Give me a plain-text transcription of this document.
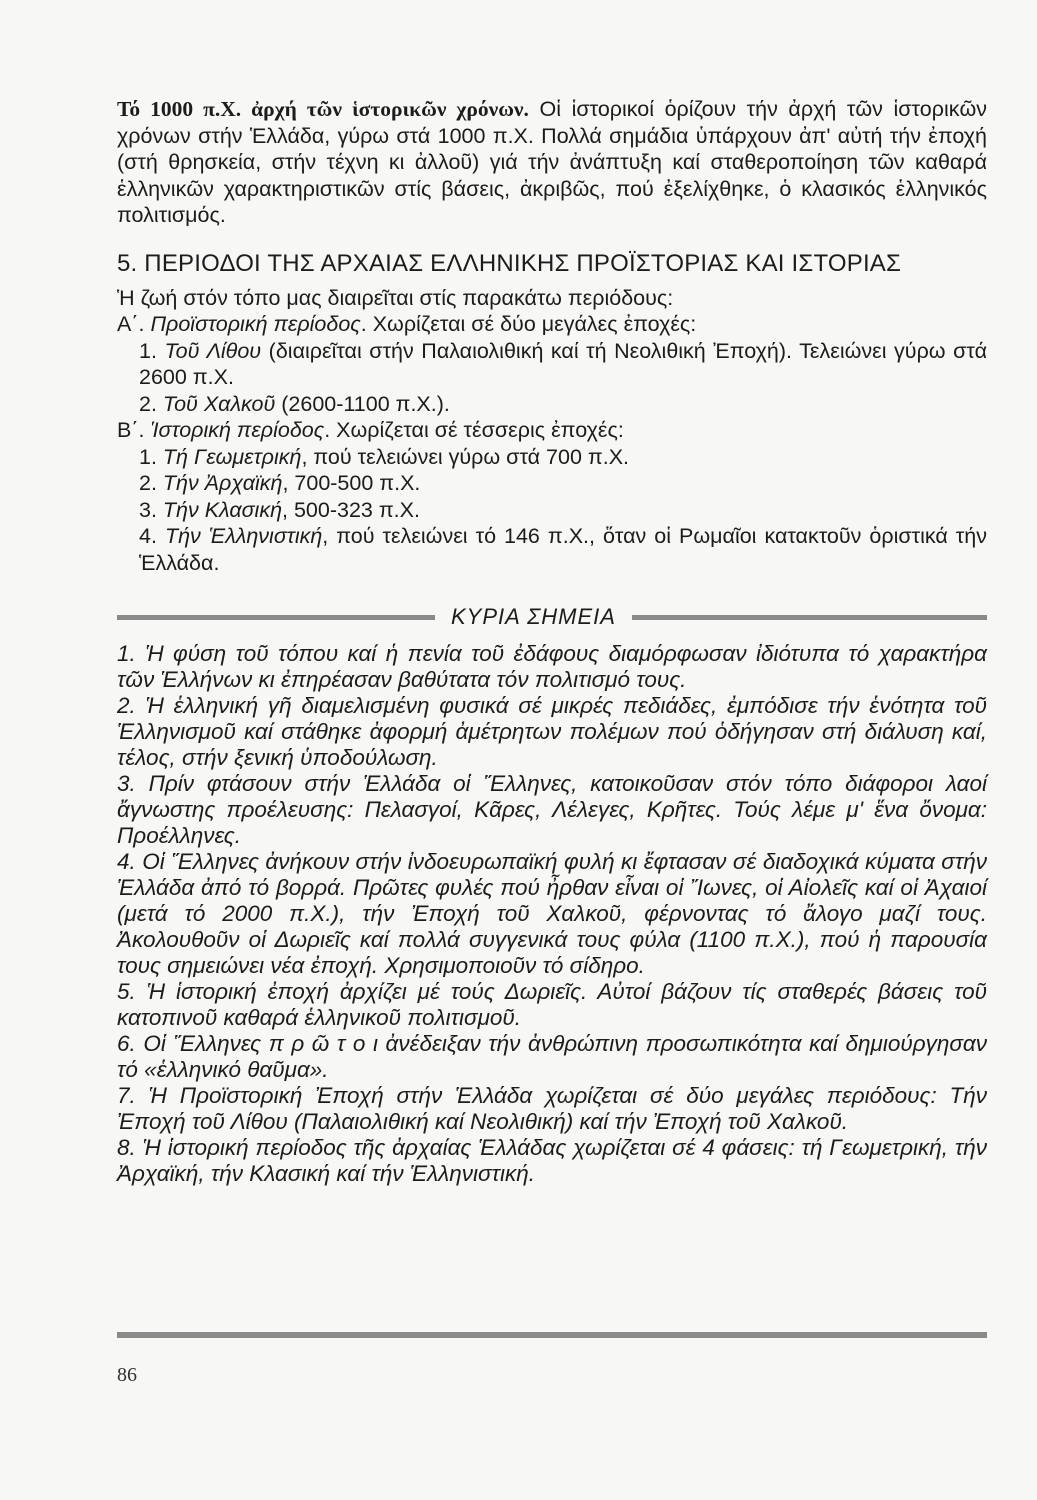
Τό 1000 π.Χ. ἀρχή τῶν ἱστορικῶν χρόνων. Οἱ ἱστορικοί ὁρίζουν τήν ἀρχή τῶν ἱστορικῶν χρόνων στήν Ἑλλάδα, γύρω στά 1000 π.Χ. Πολλά σημάδια ὑπάρχουν ἀπ' αὐτή τήν ἐποχή (στή θρησκεία, στήν τέχνη κι ἀλλοῦ) γιά τήν ἀνάπτυξη καί σταθεροποίηση τῶν καθαρά ἑλληνικῶν χαρακτηριστικῶν στίς βάσεις, ἀκριβῶς, πού ἐξελίχθηκε, ὁ κλασικός ἑλληνικός πολιτισμός.

5. ΠΕΡΙΟΔΟΙ ΤΗΣ ΑΡΧΑΙΑΣ ΕΛΛΗΝΙΚΗΣ ΠΡΟΪΣΤΟΡΙΑΣ ΚΑΙ ΙΣΤΟΡΙΑΣ
Ἡ ζωή στόν τόπο μας διαιρεῖται στίς παρακάτω περιόδους:
Α΄. Προϊστορική περίοδος. Χωρίζεται σέ δύο μεγάλες ἐποχές:
1. Τοῦ Λίθου (διαιρεῖται στήν Παλαιολιθική καί τή Νεολιθική Ἐποχή). Τελειώνει γύρω στά 2600 π.Χ.
2. Τοῦ Χαλκοῦ (2600-1100 π.Χ.).
Β΄. Ἱστορική περίοδος. Χωρίζεται σέ τέσσερις ἐποχές:
1. Τή Γεωμετρική, πού τελειώνει γύρω στά 700 π.Χ.
2. Τήν Ἀρχαϊκή, 700-500 π.Χ.
3. Τήν Κλασική, 500-323 π.Χ.
4. Τήν Ἑλληνιστική, πού τελειώνει τό 146 π.Χ., ὅταν οἱ Ρωμαῖοι κατακτοῦν ὁριστικά τήν Ἑλλάδα.
ΚΥΡΙΑ ΣΗΜΕΙΑ

1. Ἡ φύση τοῦ τόπου καί ἡ πενία τοῦ ἐδάφους διαμόρφωσαν ἰδιότυπα τό χαρακτήρα τῶν Ἑλλήνων κι ἐπηρέασαν βαθύτατα τόν πολιτισμό τους.

2. Ἡ ἑλληνική γῆ διαμελισμένη φυσικά σέ μικρές πεδιάδες, ἐμπόδισε τήν ἑνότητα τοῦ Ἑλληνισμοῦ καί στάθηκε ἀφορμή ἀμέτρητων πολέμων πού ὁδήγησαν στή διάλυση καί, τέλος, στήν ξενική ὑποδούλωση.

3. Πρίν φτάσουν στήν Ἑλλάδα οἱ Ἕλληνες, κατοικοῦσαν στόν τόπο διάφοροι λαοί ἄγνωστης προέλευσης: Πελασγοί, Κᾶρες, Λέλεγες, Κρῆτες. Τούς λέμε μ' ἕνα ὄνομα: Προέλληνες.

4. Οἱ Ἕλληνες ἀνήκουν στήν ἰνδοευρωπαϊκή φυλή κι ἔφτασαν σέ διαδοχικά κύματα στήν Ἑλλάδα ἀπό τό βορρά. Πρῶτες φυλές πού ἦρθαν εἶναι οἱ Ἴωνες, οἱ Αἰολεῖς καί οἱ Ἀχαιοί (μετά τό 2000 π.Χ.), τήν Ἐποχή τοῦ Χαλκοῦ, φέρνοντας τό ἄλογο μαζί τους. Ἀκολουθοῦν οἱ Δωριεῖς καί πολλά συγγενικά τους φύλα (1100 π.Χ.), πού ἡ παρουσία τους σημειώνει νέα ἐποχή. Χρησιμοποιοῦν τό σίδηρο.

5. Ἡ ἱστορική ἐποχή ἀρχίζει μέ τούς Δωριεῖς. Αὐτοί βάζουν τίς σταθερές βάσεις τοῦ κατοπινοῦ καθαρά ἑλληνικοῦ πολιτισμοῦ.

6. Οἱ Ἕλληνες π ρ ῶ τ ο ι ἀνέδειξαν τήν ἀνθρώπινη προσωπικότητα καί δημιούργησαν τό «ἑλληνικό θαῦμα».

7. Ἡ Προϊστορική Ἐποχή στήν Ἑλλάδα χωρίζεται σέ δύο μεγάλες περιόδους: Τήν Ἐποχή τοῦ Λίθου (Παλαιολιθική καί Νεολιθική) καί τήν Ἐποχή τοῦ Χαλκοῦ.

8. Ἡ ἱστορική περίοδος τῆς ἀρχαίας Ἑλλάδας χωρίζεται σέ 4 φάσεις: τή Γεωμετρική, τήν Ἀρχαϊκή, τήν Κλασική καί τήν Ἑλληνιστική.

86
